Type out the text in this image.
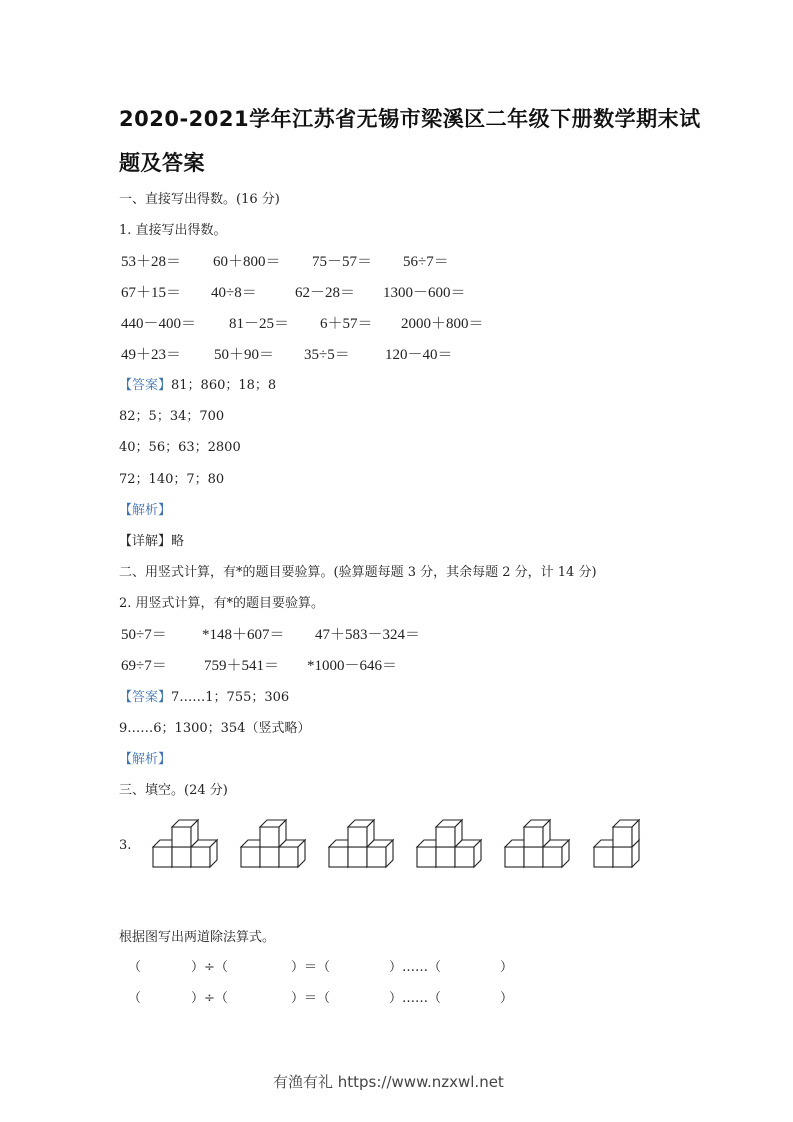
2020-2021学年江苏省无锡市梁溪区二年级下册数学期末试
题及答案
一、直接写出得数。(16 分)
1. 直接写出得数。
53＋28＝ 60＋800＝ 75－57＝ 56÷7＝
67＋15＝ 40÷8＝	62－28＝ 1300－600＝
440－400＝ 81－25＝ 6＋57＝ 2000＋800＝
49＋23＝ 50＋90＝ 35÷5＝ 120－40＝
【答案】81；860；18；8
82；5；34；700
40；56；63；2800
72；140；7；80
【解析】
【详解】略
二、用竖式计算，有*的题目要验算。(验算题每题 3 分，其余每题 2 分，计 14 分)
2. 用竖式计算，有*的题目要验算。
50÷7＝ *148＋607＝ 47＋583－324＝
69÷7＝ 759＋541＝ *1000－646＝
【答案】7……1；755；306
9……6；1300；354（竖式略）
【解析】
三、填空。(24 分)
3.
根据图写出两道除法算式。
（	）÷（	）＝（	）……（	）
（	）÷（	）＝（	）……（	）
有渔有礼 https://www.nzxwl.net
